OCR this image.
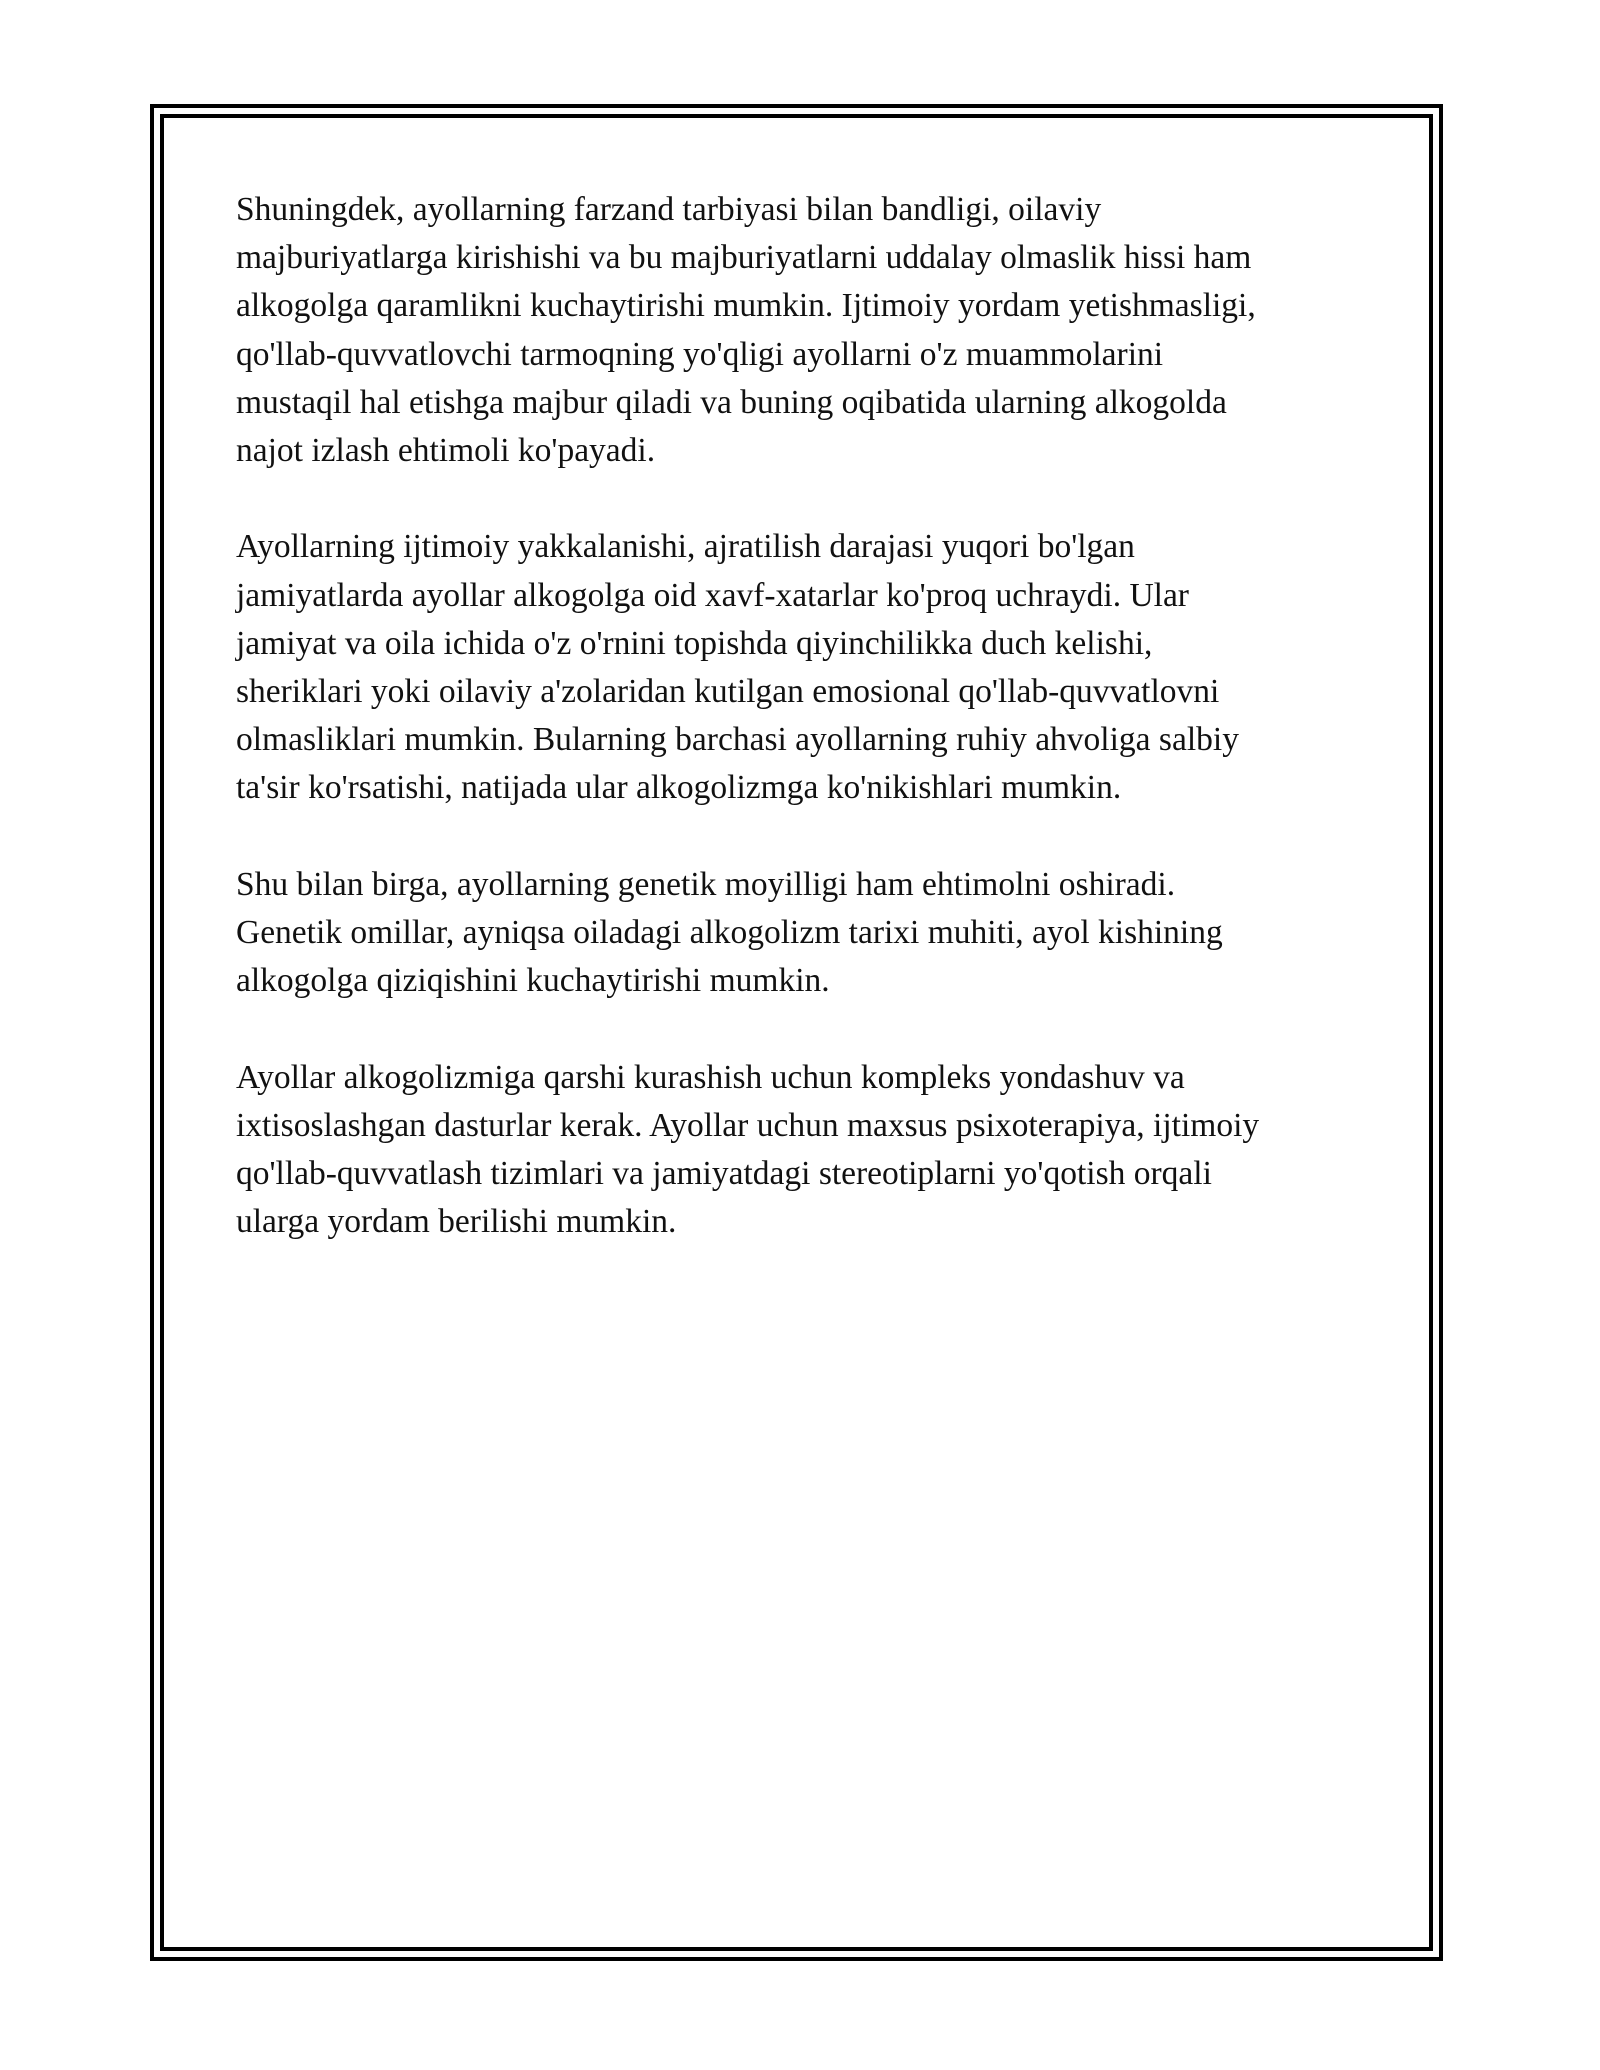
Shuningdek, ayollarning farzand tarbiyasi bilan bandligi, oilaviy
majburiyatlarga kirishishi va bu majburiyatlarni uddalay olmaslik hissi ham
alkogolga qaramlikni kuchaytirishi mumkin. Ijtimoiy yordam yetishmasligi,
qo'llab-quvvatlovchi tarmoqning yo'qligi ayollarni o'z muammolarini
mustaqil hal etishga majbur qiladi va buning oqibatida ularning alkogolda
najot izlash ehtimoli ko'payadi.

Ayollarning ijtimoiy yakkalanishi, ajratilish darajasi yuqori bo'lgan
jamiyatlarda ayollar alkogolga oid xavf-xatarlar ko'proq uchraydi. Ular
jamiyat va oila ichida o'z o'rnini topishda qiyinchilikka duch kelishi,
sheriklari yoki oilaviy a'zolaridan kutilgan emosional qo'llab-quvvatlovni
olmasliklari mumkin. Bularning barchasi ayollarning ruhiy ahvoliga salbiy
ta'sir ko'rsatishi, natijada ular alkogolizmga ko'nikishlari mumkin.

Shu bilan birga, ayollarning genetik moyilligi ham ehtimolni oshiradi.
Genetik omillar, ayniqsa oiladagi alkogolizm tarixi muhiti, ayol kishining
alkogolga qiziqishini kuchaytirishi mumkin.

Ayollar alkogolizmiga qarshi kurashish uchun kompleks yondashuv va
ixtisoslashgan dasturlar kerak. Ayollar uchun maxsus psixoterapiya, ijtimoiy
qo'llab-quvvatlash tizimlari va jamiyatdagi stereotiplarni yo'qotish orqali
ularga yordam berilishi mumkin.
